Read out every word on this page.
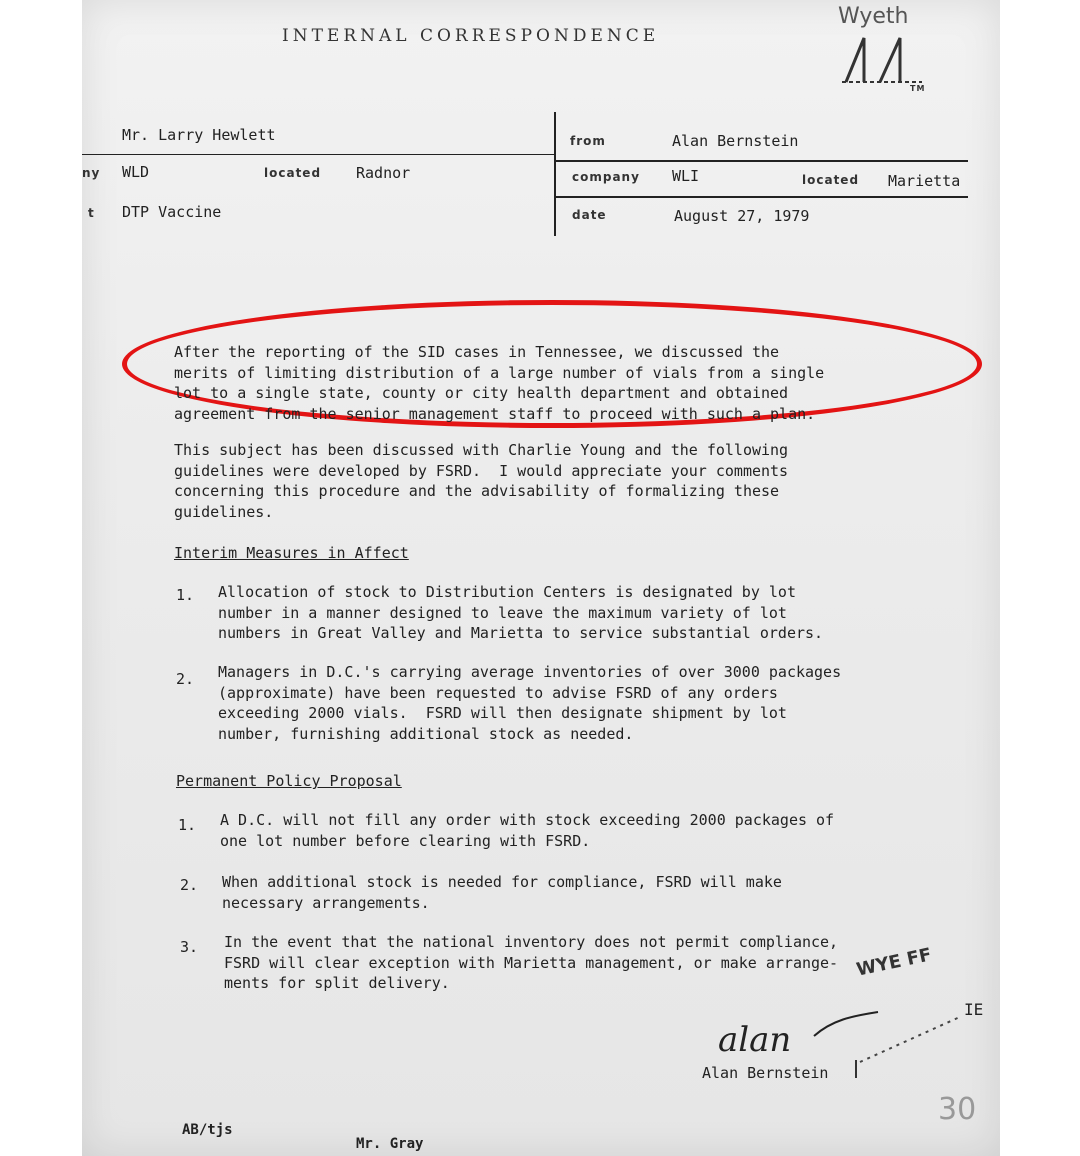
INTERNAL CORRESPONDENCE
Wyeth
TM
Mr. Larry Hewlett
ny WLD	located Radnor
t DTP Vaccine
from	Alan Bernstein
company WLI	located Marietta
date	August 27, 1979
After the reporting of the SID cases in Tennessee, we discussed the
merits of limiting distribution of a large number of vials from a single
lot to a single state, county or city health department and obtained
agreement from the senior management staff to proceed with such a plan.
This subject has been discussed with Charlie Young and the following
guidelines were developed by FSRD.  I would appreciate your comments
concerning this procedure and the advisability of formalizing these
guidelines.
Interim Measures in Affect
1. Allocation of stock to Distribution Centers is designated by lot
number in a manner designed to leave the maximum variety of lot
numbers in Great Valley and Marietta to service substantial orders.
2. Managers in D.C.'s carrying average inventories of over 3000 packages
(approximate) have been requested to advise FSRD of any orders
exceeding 2000 vials.  FSRD will then designate shipment by lot
number, furnishing additional stock as needed.
Permanent Policy Proposal
1. A D.C. will not fill any order with stock exceeding 2000 packages of
one lot number before clearing with FSRD.
2. When additional stock is needed for compliance, FSRD will make
necessary arrangements.
3. In the event that the national inventory does not permit compliance,
FSRD will clear exception with Marietta management, or make arrange-
ments for split delivery.
WYE FF
alan
Alan Bernstein
IE
AB/tjs
Mr. Gray
30
